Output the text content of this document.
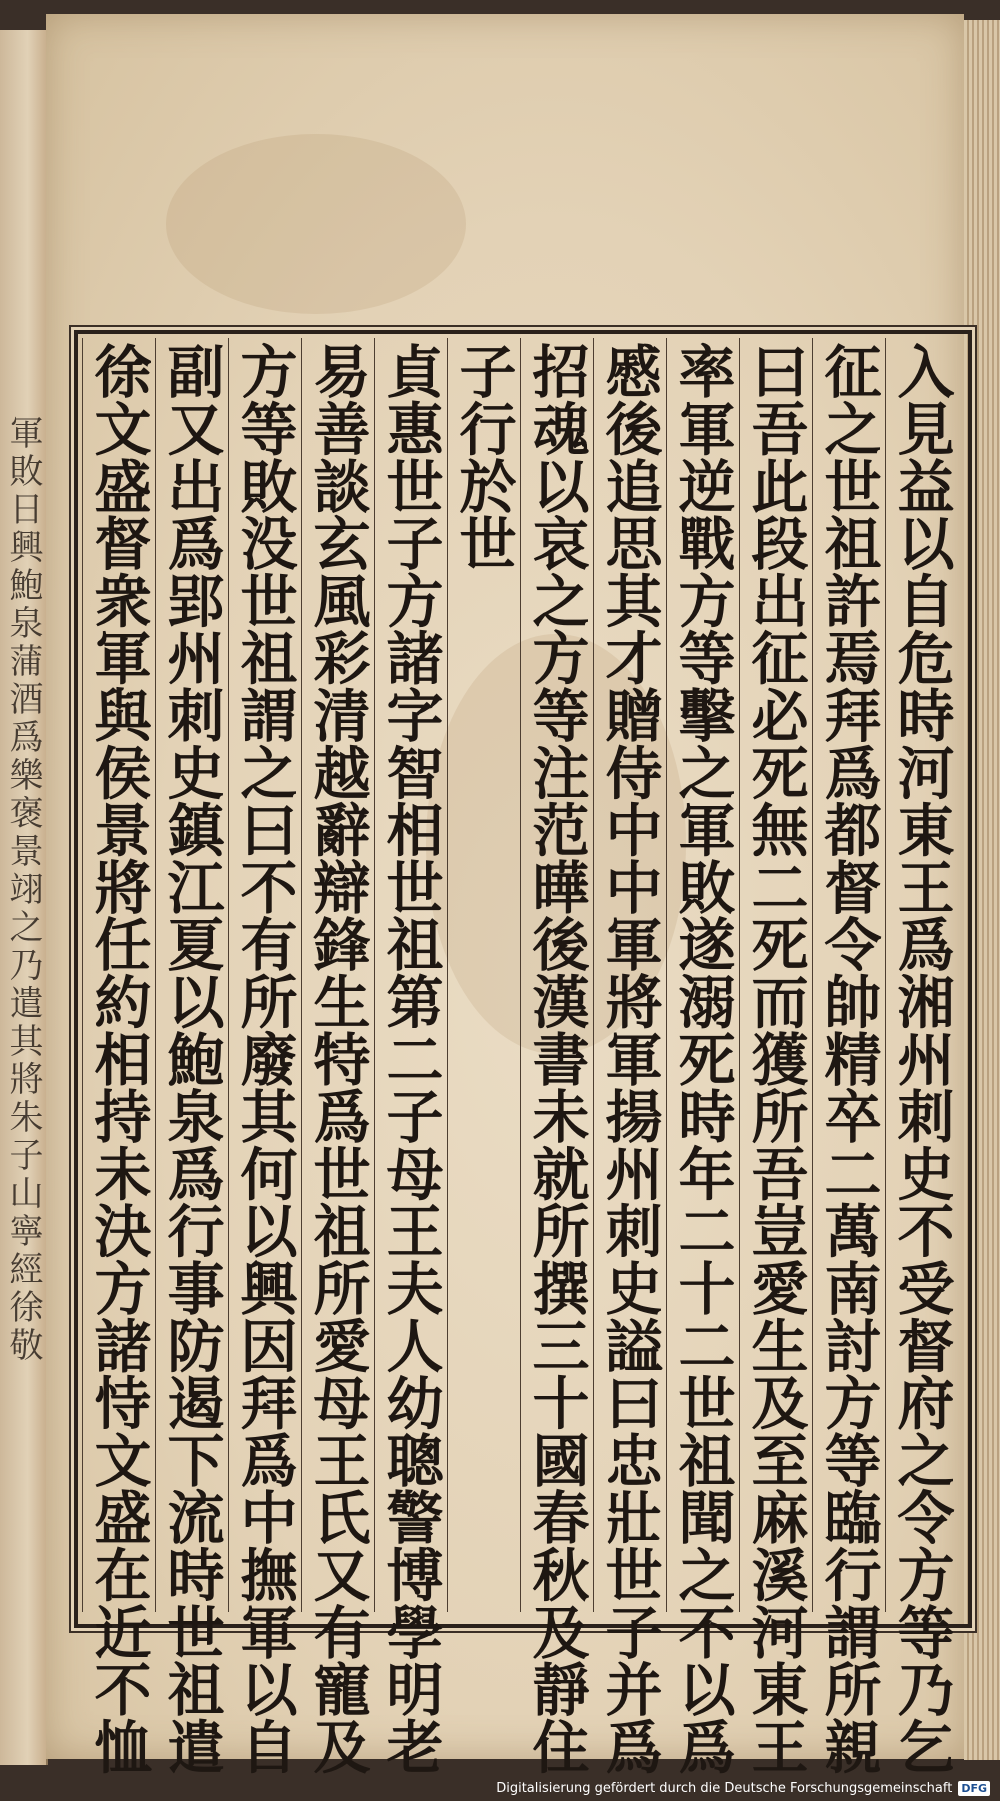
軍敗日興鮑泉蒲酒爲樂褒景翊之乃遣其將朱子山寧經徐敬	入見益以自危時河東王爲湘州刺史不受督府之令方等乃乞
征之世祖許焉拜爲都督令帥精卒二萬南討方等臨行謂所親
曰吾此段出征必死無二死而獲所吾豈愛生及至麻溪河東王
率軍逆戰方等擊之軍敗遂溺死時年二十二世祖聞之不以爲
慼後追思其才贈侍中中軍將軍揚州刺史謚曰忠壯世子并爲
招魂以哀之方等注范曄後漢書未就所撰三十國春秋及靜住
子行於世
貞惠世子方諸字智相世祖第二子母王夫人幼聰警博學明老
易善談玄風彩清越辭辯鋒生特爲世祖所愛母王氏又有寵及
方等敗没世祖謂之曰不有所廢其何以興因拜爲中撫軍以自
副又出爲郢州刺史鎮江夏以鮑泉爲行事防遏下流時世祖遣
徐文盛督衆軍與侯景將任約相持未決方諸恃文盛在近不恤
Digitalisierung gefördert durch die Deutsche Forschungsgemeinschaft DFG
